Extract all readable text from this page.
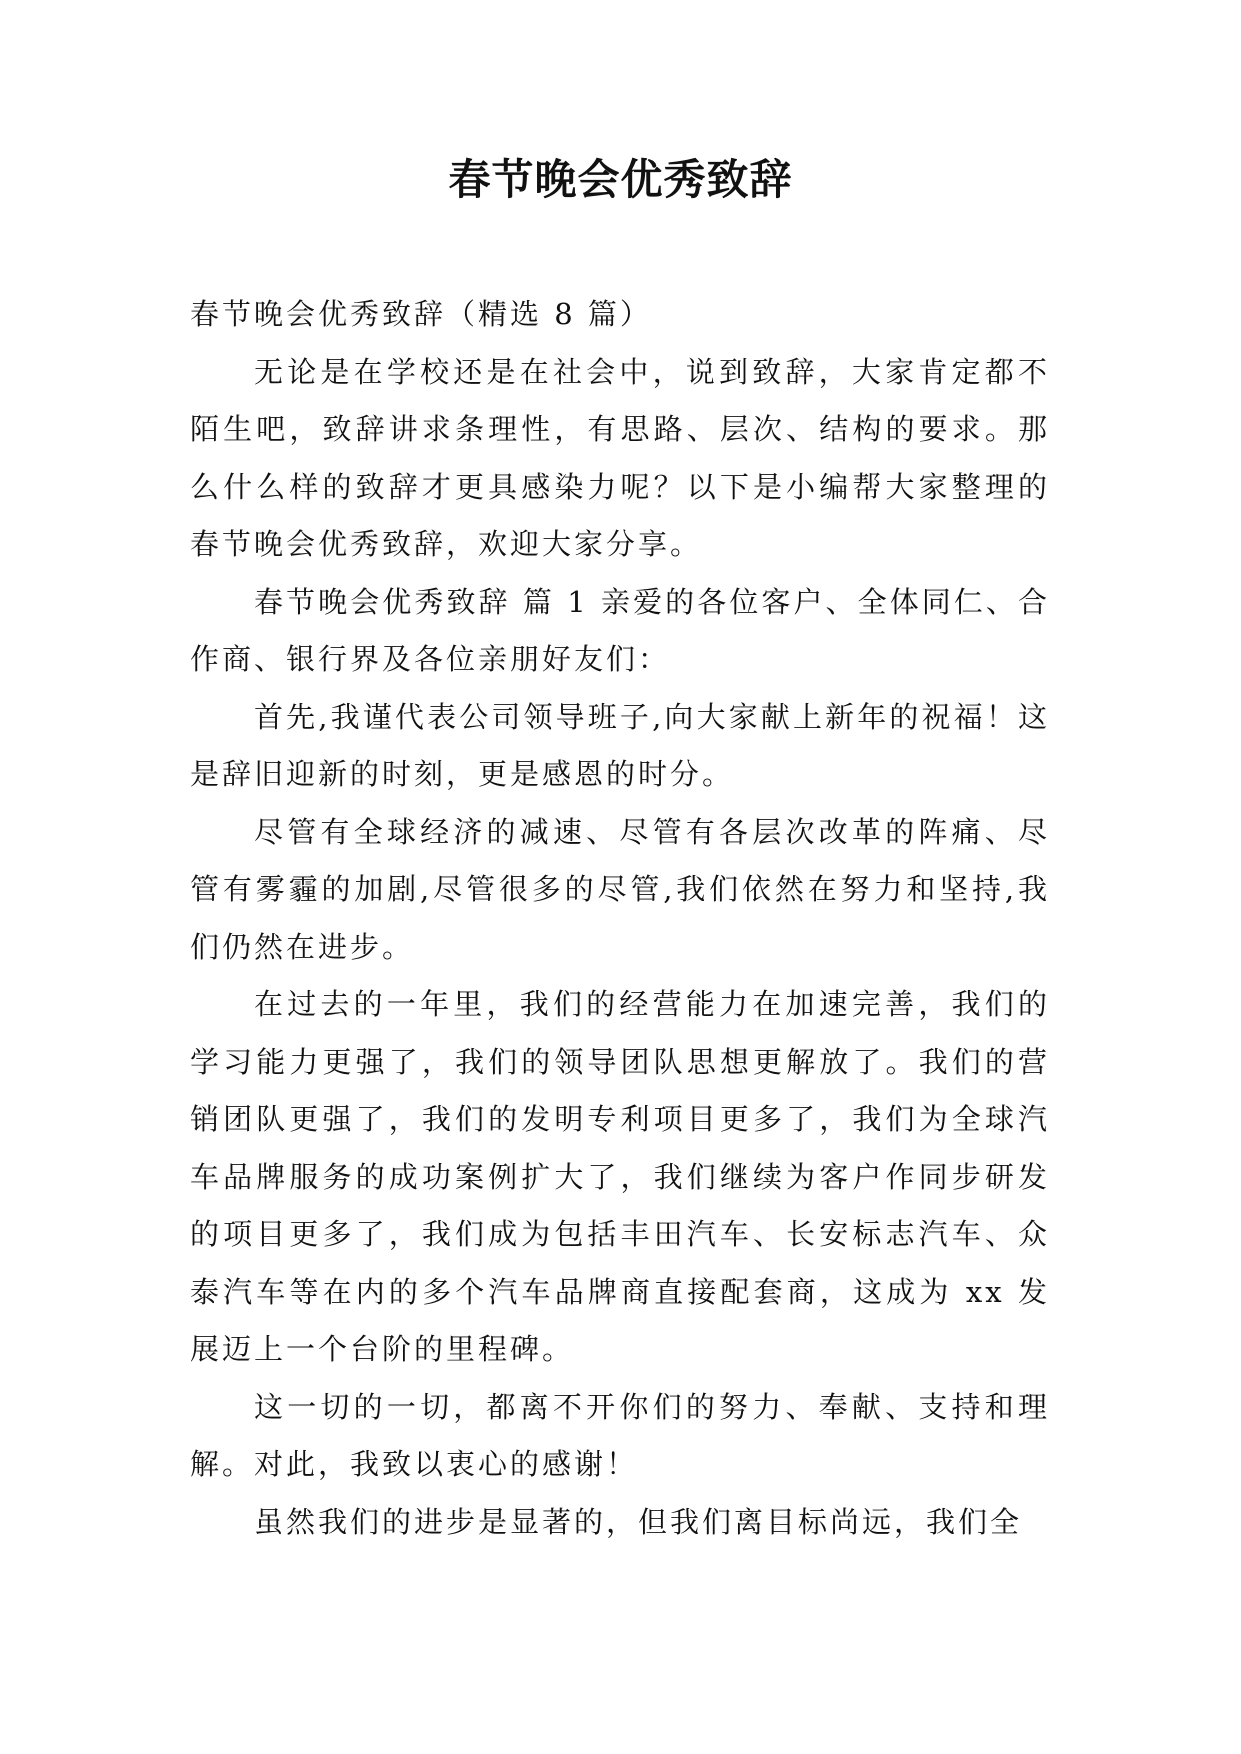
春节晚会优秀致辞

春节晚会优秀致辞（精选 8 篇）

无论是在学校还是在社会中，说到致辞，大家肯定都不陌生吧，致辞讲求条理性，有思路、层次、结构的要求。那么什么样的致辞才更具感染力呢？以下是小编帮大家整理的春节晚会优秀致辞，欢迎大家分享。

春节晚会优秀致辞 篇 1 亲爱的各位客户、全体同仁、合作商、银行界及各位亲朋好友们：

首先,我谨代表公司领导班子,向大家献上新年的祝福！这是辞旧迎新的时刻，更是感恩的时分。

尽管有全球经济的减速、尽管有各层次改革的阵痛、尽管有雾霾的加剧,尽管很多的尽管,我们依然在努力和坚持,我们仍然在进步。

在过去的一年里，我们的经营能力在加速完善，我们的学习能力更强了，我们的领导团队思想更解放了。我们的营销团队更强了，我们的发明专利项目更多了，我们为全球汽车品牌服务的成功案例扩大了，我们继续为客户作同步研发的项目更多了，我们成为包括丰田汽车、长安标志汽车、众泰汽车等在内的多个汽车品牌商直接配套商，这成为 xx 发展迈上一个台阶的里程碑。

这一切的一切，都离不开你们的努力、奉献、支持和理解。对此，我致以衷心的感谢！

虽然我们的进步是显著的，但我们离目标尚远，我们全
